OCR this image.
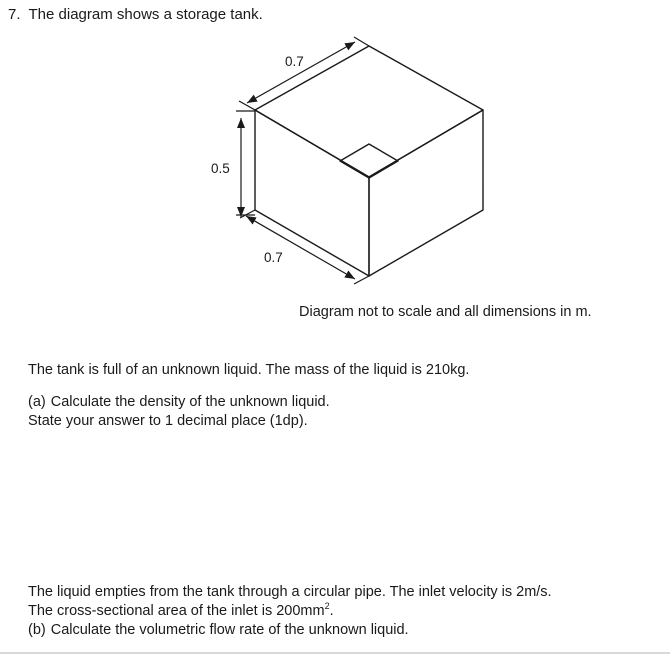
7. The diagram shows a storage tank.
0.7
0.5
0.7

Diagram not to scale and all dimensions in m.

The tank is full of an unknown liquid. The mass of the liquid is 210kg.

(a) Calculate the density of the unknown liquid.
State your answer to 1 decimal place (1dp).
The liquid empties from the tank through a circular pipe. The inlet velocity is 2m/s.
The cross-sectional area of the inlet is $200mm^2$.
(b) Calculate the volumetric flow rate of the unknown liquid.
